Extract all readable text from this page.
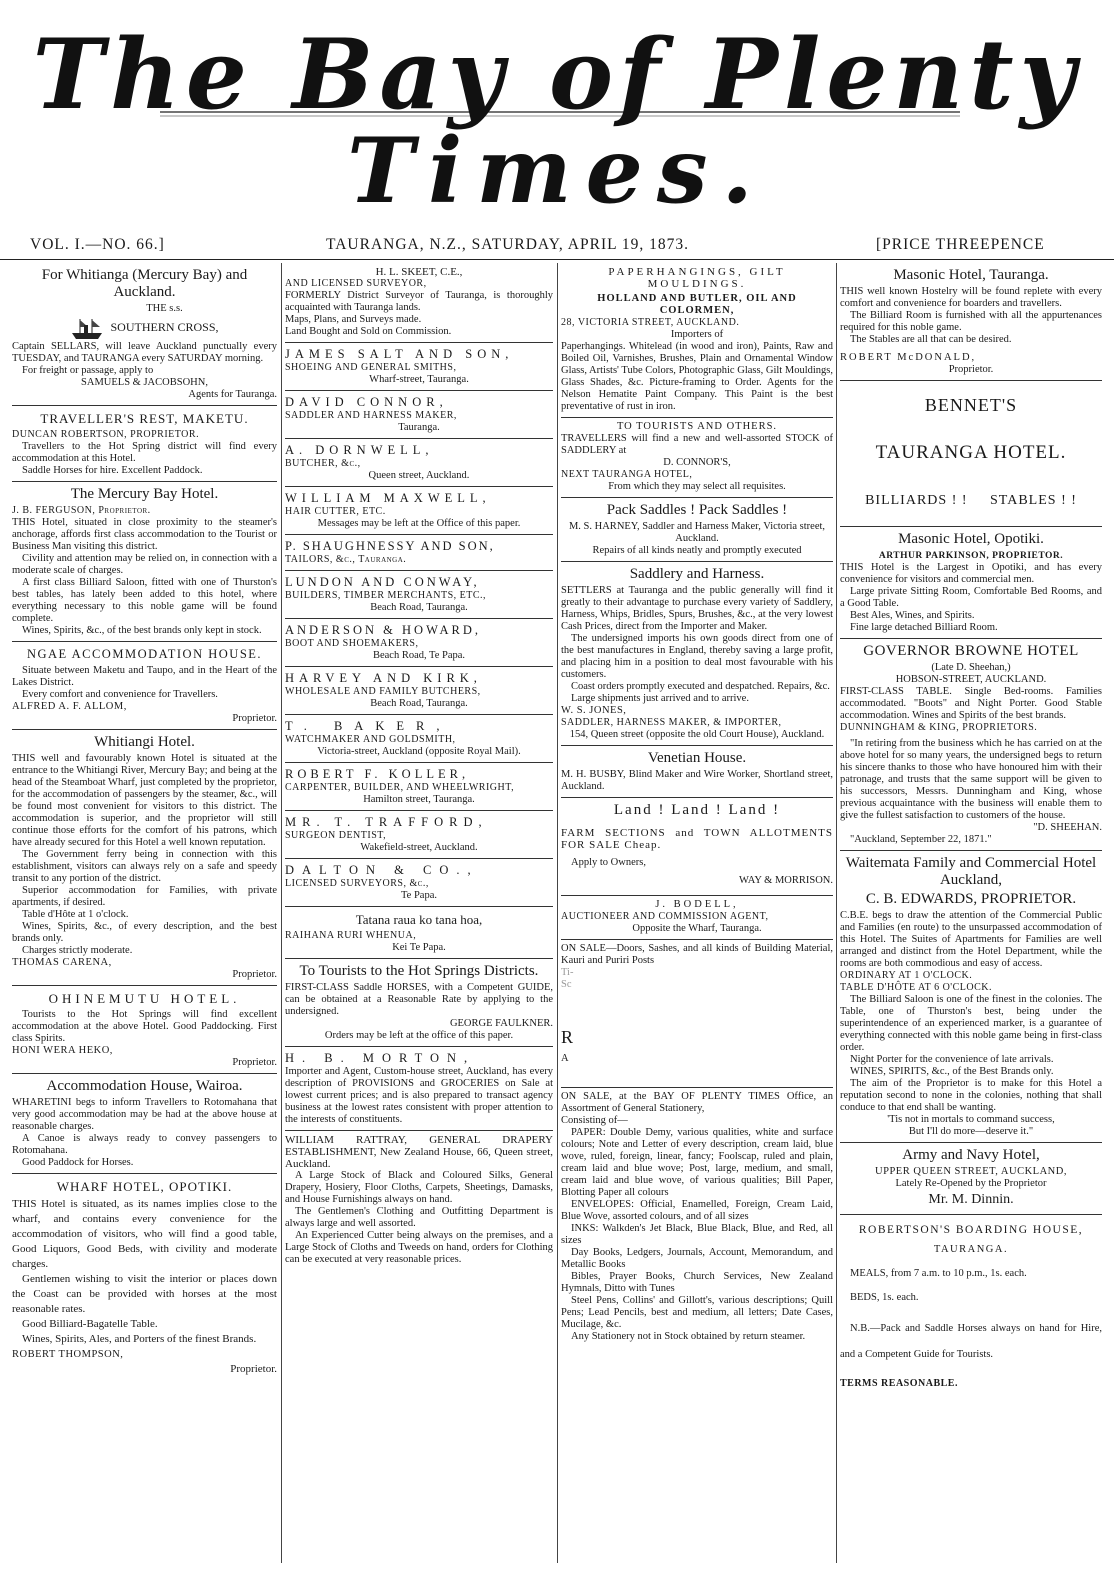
The Bay of Plenty
Times.
VOL. I.—NO. 66.]	TAURANGA, N.Z., SATURDAY, APRIL 19, 1873.	[PRICE THREEPENCE
For Whitianga (Mercury Bay) and Auckland.

THE s.s.

SOUTHERN CROSS,

Captain SELLARS, will leave Auckland punctually every TUESDAY, and TAURANGA every SATURDAY morning.

For freight or passage, apply to

SAMUELS & JACOBSOHN,

Agents for Tauranga.

TRAVELLER'S REST, MAKETU.

DUNCAN ROBERTSON, PROPRIETOR.

Travellers to the Hot Spring district will find every accommodation at this Hotel.

Saddle Horses for hire. Excellent Paddock.

The Mercury Bay Hotel.

J. B. FERGUSON, Proprietor.

THIS Hotel, situated in close proximity to the steamer's anchorage, affords first class accommodation to the Tourist or Business Man visiting this district.

Civility and attention may be relied on, in connection with a moderate scale of charges.

A first class Billiard Saloon, fitted with one of Thurston's best tables, has lately been added to this hotel, where everything necessary to this noble game will be found complete.

Wines, Spirits, &c., of the best brands only kept in stock.

NGAE ACCOMMODATION HOUSE.

Situate between Maketu and Taupo, and in the Heart of the Lakes District.

Every comfort and convenience for Travellers.

ALFRED A. F. ALLOM,

Proprietor.

Whitiangi Hotel.

THIS well and favourably known Hotel is situated at the entrance to the Whitiangi River, Mercury Bay; and being at the head of the Steamboat Wharf, just completed by the proprietor, for the accommodation of passengers by the steamer, &c., will be found most convenient for visitors to this district. The accommodation is superior, and the proprietor will still continue those efforts for the comfort of his patrons, which have already secured for this Hotel a well known reputation.

The Government ferry being in connection with this establishment, visitors can always rely on a safe and speedy transit to any portion of the district.

Superior accommodation for Families, with private apartments, if desired.

Table d'Hôte at 1 o'clock.

Wines, Spirits, &c., of every description, and the best brands only.

Charges strictly moderate.

THOMAS CARENA,

Proprietor.

OHINEMUTU HOTEL.

Tourists to the Hot Springs will find excellent accommodation at the above Hotel. Good Paddocking. First class Spirits.

HONI WERA HEKO,

Proprietor.

Accommodation House, Wairoa.

WHARETINI begs to inform Travellers to Rotomahana that very good accommodation may be had at the above house at reasonable charges.

A Canoe is always ready to convey passengers to Rotomahana.

Good Paddock for Horses.

WHARF HOTEL, OPOTIKI.

THIS Hotel is situated, as its names implies close to the wharf, and contains every convenience for the accommodation of visitors, who will find a good table, Good Liquors, Good Beds, with civility and moderate charges.

Gentlemen wishing to visit the interior or places down the Coast can be provided with horses at the most reasonable rates.

Good Billiard-Bagatelle Table.

Wines, Spirits, Ales, and Porters of the finest Brands.

ROBERT THOMPSON,

Proprietor.

H. L. SKEET, C.E.,

AND LICENSED SURVEYOR,

FORMERLY District Surveyor of Tauranga, is thoroughly acquainted with Tauranga lands.

Maps, Plans, and Surveys made.

Land Bought and Sold on Commission.

JAMES SALT AND SON,

SHOEING AND GENERAL SMITHS,

Wharf-street, Tauranga.

DAVID CONNOR,

SADDLER AND HARNESS MAKER,

Tauranga.

A. DORNWELL,

BUTCHER, &c.,

Queen street, Auckland.

WILLIAM MAXWELL,

HAIR CUTTER, ETC.

Messages may be left at the Office of this paper.

P. SHAUGHNESSY AND SON,

TAILORS, &c., Tauranga.

LUNDON AND CONWAY,

BUILDERS, TIMBER MERCHANTS, ETC.,

Beach Road, Tauranga.

ANDERSON & HOWARD,

BOOT AND SHOEMAKERS,

Beach Road, Te Papa.

HARVEY AND KIRK,

WHOLESALE AND FAMILY BUTCHERS,

Beach Road, Tauranga.

T. BAKER,

WATCHMAKER AND GOLDSMITH,

Victoria-street, Auckland (opposite Royal Mail).

ROBERT F. KOLLER,

CARPENTER, BUILDER, AND WHEELWRIGHT,

Hamilton street, Tauranga.

MR. T. TRAFFORD,

SURGEON DENTIST,

Wakefield-street, Auckland.

DALTON & CO.,

LICENSED SURVEYORS, &c.,

Te Papa.

Tatana raua ko tana hoa,

RAIHANA RURI WHENUA,

Kei Te Papa.

To Tourists to the Hot Springs Districts.

FIRST-CLASS Saddle HORSES, with a Competent GUIDE, can be obtained at a Reasonable Rate by applying to the undersigned.

GEORGE FAULKNER.

Orders may be left at the office of this paper.

H. B. MORTON,

Importer and Agent, Custom-house street, Auckland, has every description of PROVISIONS and GROCERIES on Sale at lowest current prices; and is also prepared to transact agency business at the lowest rates consistent with proper attention to the interests of constituents.

WILLIAM RATTRAY, GENERAL DRAPERY ESTABLISHMENT, New Zealand House, 66, Queen street, Auckland.

A Large Stock of Black and Coloured Silks, General Drapery, Hosiery, Floor Cloths, Carpets, Sheetings, Damasks, and House Furnishings always on hand.

The Gentlemen's Clothing and Outfitting Department is always large and well assorted.

An Experienced Cutter being always on the premises, and a Large Stock of Cloths and Tweeds on hand, orders for Clothing can be executed at very reasonable prices.

PAPERHANGINGS, GILT MOULDINGS.

HOLLAND AND BUTLER, OIL AND COLORMEN,

28, VICTORIA STREET, AUCKLAND.

Importers of

Paperhangings. Whitelead (in wood and iron), Paints, Raw and Boiled Oil, Varnishes, Brushes, Plain and Ornamental Window Glass, Artists' Tube Colors, Photographic Glass, Gilt Mouldings, Glass Shades, &c. Picture-framing to Order. Agents for the Nelson Hematite Paint Company. This Paint is the best preventative of rust in iron.

TO TOURISTS AND OTHERS.

TRAVELLERS will find a new and well-assorted STOCK of SADDLERY at

D. CONNOR'S,

NEXT TAURANGA HOTEL,

From which they may select all requisites.

Pack Saddles ! Pack Saddles !

M. S. HARNEY, Saddler and Harness Maker, Victoria street, Auckland.

Repairs of all kinds neatly and promptly executed

Saddlery and Harness.

SETTLERS at Tauranga and the public generally will find it greatly to their advantage to purchase every variety of Saddlery, Harness, Whips, Bridles, Spurs, Brushes, &c., at the very lowest Cash Prices, direct from the Importer and Maker.

The undersigned imports his own goods direct from one of the best manufactures in England, thereby saving a large profit, and placing him in a position to deal most favourable with his customers.

Coast orders promptly executed and despatched. Repairs, &c.

Large shipments just arrived and to arrive.

W. S. JONES,

SADDLER, HARNESS MAKER, & IMPORTER,

154, Queen street (opposite the old Court House), Auckland.

Venetian House.

M. H. BUSBY, Blind Maker and Wire Worker, Shortland street, Auckland.

Land ! Land ! Land !

FARM SECTIONS and TOWN ALLOTMENTS FOR SALE Cheap.

Apply to Owners,

WAY & MORRISON.

J. BODELL,

AUCTIONEER AND COMMISSION AGENT,

Opposite the Wharf, Tauranga.

ON SALE—Doors, Sashes, and all kinds of Building Material, Kauri and Puriri Posts

Ti-

Sc

R

A

ON SALE, at the BAY OF PLENTY TIMES Office, an Assortment of General Stationery,

Consisting of—

PAPER: Double Demy, various qualities, white and surface colours; Note and Letter of every description, cream laid, blue wove, ruled, foreign, linear, fancy; Foolscap, ruled and plain, cream laid and blue wove; Post, large, medium, and small, cream laid and blue wove, of various qualities; Bill Paper, Blotting Paper all colours

ENVELOPES: Official, Enamelled, Foreign, Cream Laid, Blue Wove, assorted colours, and of all sizes

INKS: Walkden's Jet Black, Blue Black, Blue, and Red, all sizes

Day Books, Ledgers, Journals, Account, Memorandum, and Metallic Books

Bibles, Prayer Books, Church Services, New Zealand Hymnals, Ditto with Tunes

Steel Pens, Collins' and Gillott's, various descriptions; Quill Pens; Lead Pencils, best and medium, all letters; Date Cases, Mucilage, &c.

Any Stationery not in Stock obtained by return steamer.

Masonic Hotel, Tauranga.

THIS well known Hostelry will be found replete with every comfort and convenience for boarders and travellers.

The Billiard Room is furnished with all the appurtenances required for this noble game.

The Stables are all that can be desired.

ROBERT McDONALD,

Proprietor.

BENNET'S
TAURANGA HOTEL.
BILLIARDS ! !     STABLES ! !
Masonic Hotel, Opotiki.

ARTHUR PARKINSON, PROPRIETOR.

THIS Hotel is the Largest in Opotiki, and has every convenience for visitors and commercial men.

Large private Sitting Room, Comfortable Bed Rooms, and a Good Table.

Best Ales, Wines, and Spirits.

Fine large detached Billiard Room.

GOVERNOR BROWNE HOTEL

(Late D. Sheehan,)

HOBSON-STREET, AUCKLAND.

FIRST-CLASS TABLE. Single Bed-rooms. Families accommodated. "Boots" and Night Porter. Good Stable accommodation. Wines and Spirits of the best brands.

DUNNINGHAM & KING, PROPRIETORS.

"In retiring from the business which he has carried on at the above hotel for so many years, the undersigned begs to return his sincere thanks to those who have honoured him with their patronage, and trusts that the same support will be given to his successors, Messrs. Dunningham and King, whose previous acquaintance with the business will enable them to give the fullest satisfaction to customers of the house.

"D. SHEEHAN.

"Auckland, September 22, 1871."

Waitemata Family and Commercial Hotel Auckland,
C. B. EDWARDS, PROPRIETOR.

C.B.E. begs to draw the attention of the Commercial Public and Families (en route) to the unsurpassed accommodation of this Hotel. The Suites of Apartments for Families are well arranged and distinct from the Hotel Department, while the rooms are both commodious and easy of access.

ORDINARY AT 1 O'CLOCK.

TABLE D'HÔTE AT 6 O'CLOCK.

The Billiard Saloon is one of the finest in the colonies. The Table, one of Thurston's best, being under the superintendence of an experienced marker, is a guarantee of everything connected with this noble game being in first-class order.

Night Porter for the convenience of late arrivals.

WINES, SPIRITS, &c., of the Best Brands only.

The aim of the Proprietor is to make for this Hotel a reputation second to none in the colonies, nothing that shall conduce to that end shall be wanting.

'Tis not in mortals to command success,

But I'll do more—deserve it."

Army and Navy Hotel,

UPPER QUEEN STREET, AUCKLAND,

Lately Re-Opened by the Proprietor

Mr. M. Dinnin.

ROBERTSON'S BOARDING HOUSE,

TAURANGA.

MEALS, from 7 a.m. to 10 p.m., 1s. each.

BEDS, 1s. each.

N.B.—Pack and Saddle Horses always on hand for Hire, and a Competent Guide for Tourists.

TERMS REASONABLE.
